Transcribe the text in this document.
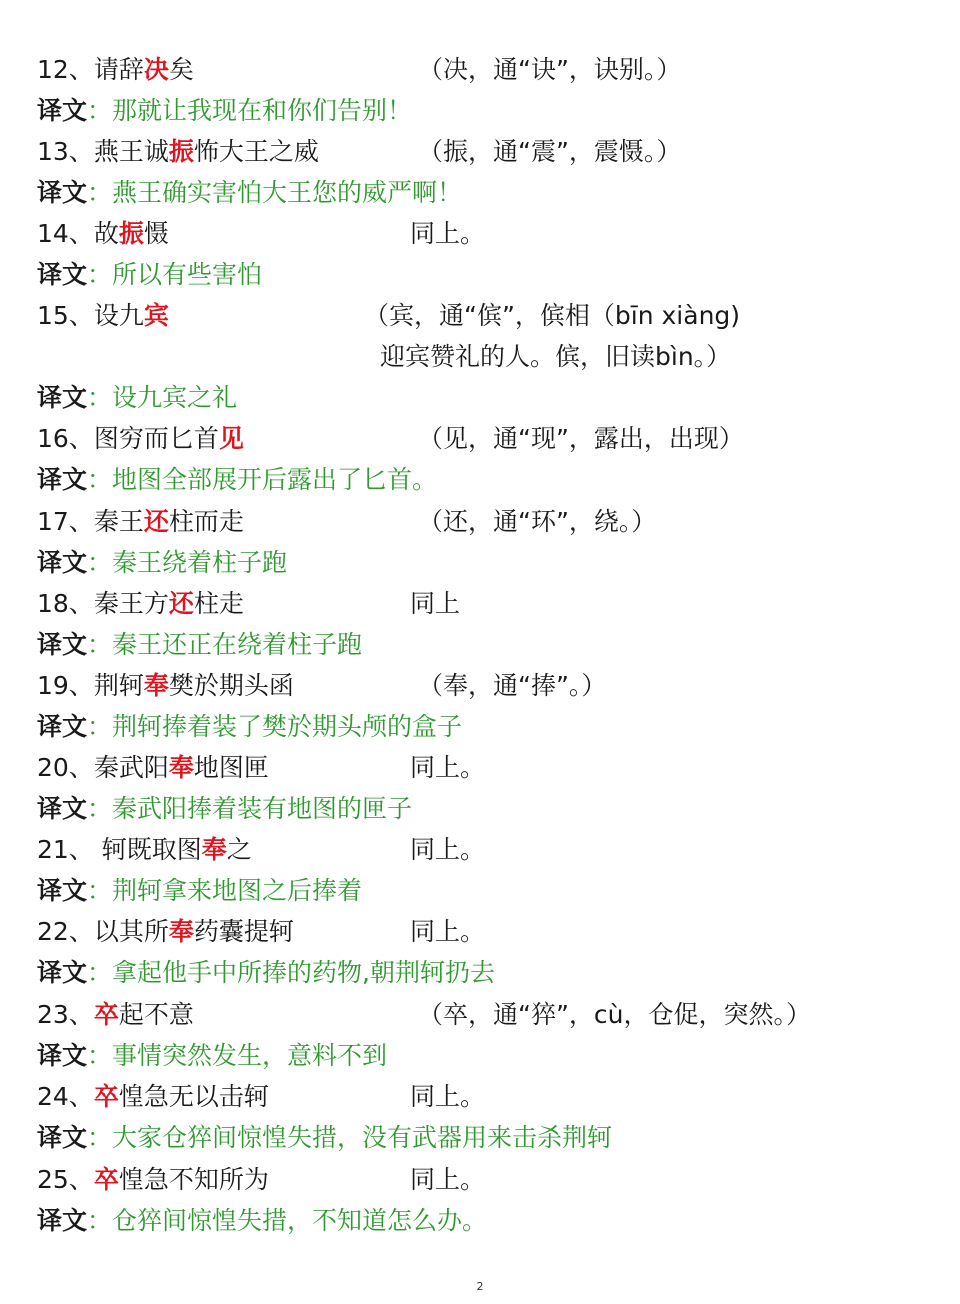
12、请辞决矣	（决，通“诀”，诀别。）
译文：那就让我现在和你们告别！
13、燕王诚振怖大王之威	（振，通“震”，震慑。）
译文：燕王确实害怕大王您的威严啊！
14、故振慑	同上。
译文：所以有些害怕
15、设九宾	（宾，通“傧”，傧相（bīn xiàng)
迎宾赞礼的人。傧，旧读bìn。）
译文：设九宾之礼
16、图穷而匕首见	（见，通“现”，露出，出现）
译文：地图全部展开后露出了匕首。
17、秦王还柱而走	（还，通“环”，绕。）
译文：秦王绕着柱子跑
18、秦王方还柱走	同上
译文：秦王还正在绕着柱子跑
19、荆轲奉樊於期头函	（奉，通“捧”。）
译文：荆轲捧着装了樊於期头颅的盒子
20、秦武阳奉地图匣	同上。
译文：秦武阳捧着装有地图的匣子
21、 轲既取图奉之	同上。
译文：荆轲拿来地图之后捧着
22、以其所奉药囊提轲	同上。
译文：拿起他手中所捧的药物,朝荆轲扔去
23、卒起不意	（卒，通“猝”，cù，仓促，突然。）
译文：事情突然发生，意料不到
24、卒惶急无以击轲	同上。
译文：大家仓猝间惊惶失措，没有武器用来击杀荆轲
25、卒惶急不知所为	同上。
译文：仓猝间惊惶失措，不知道怎么办。
2
